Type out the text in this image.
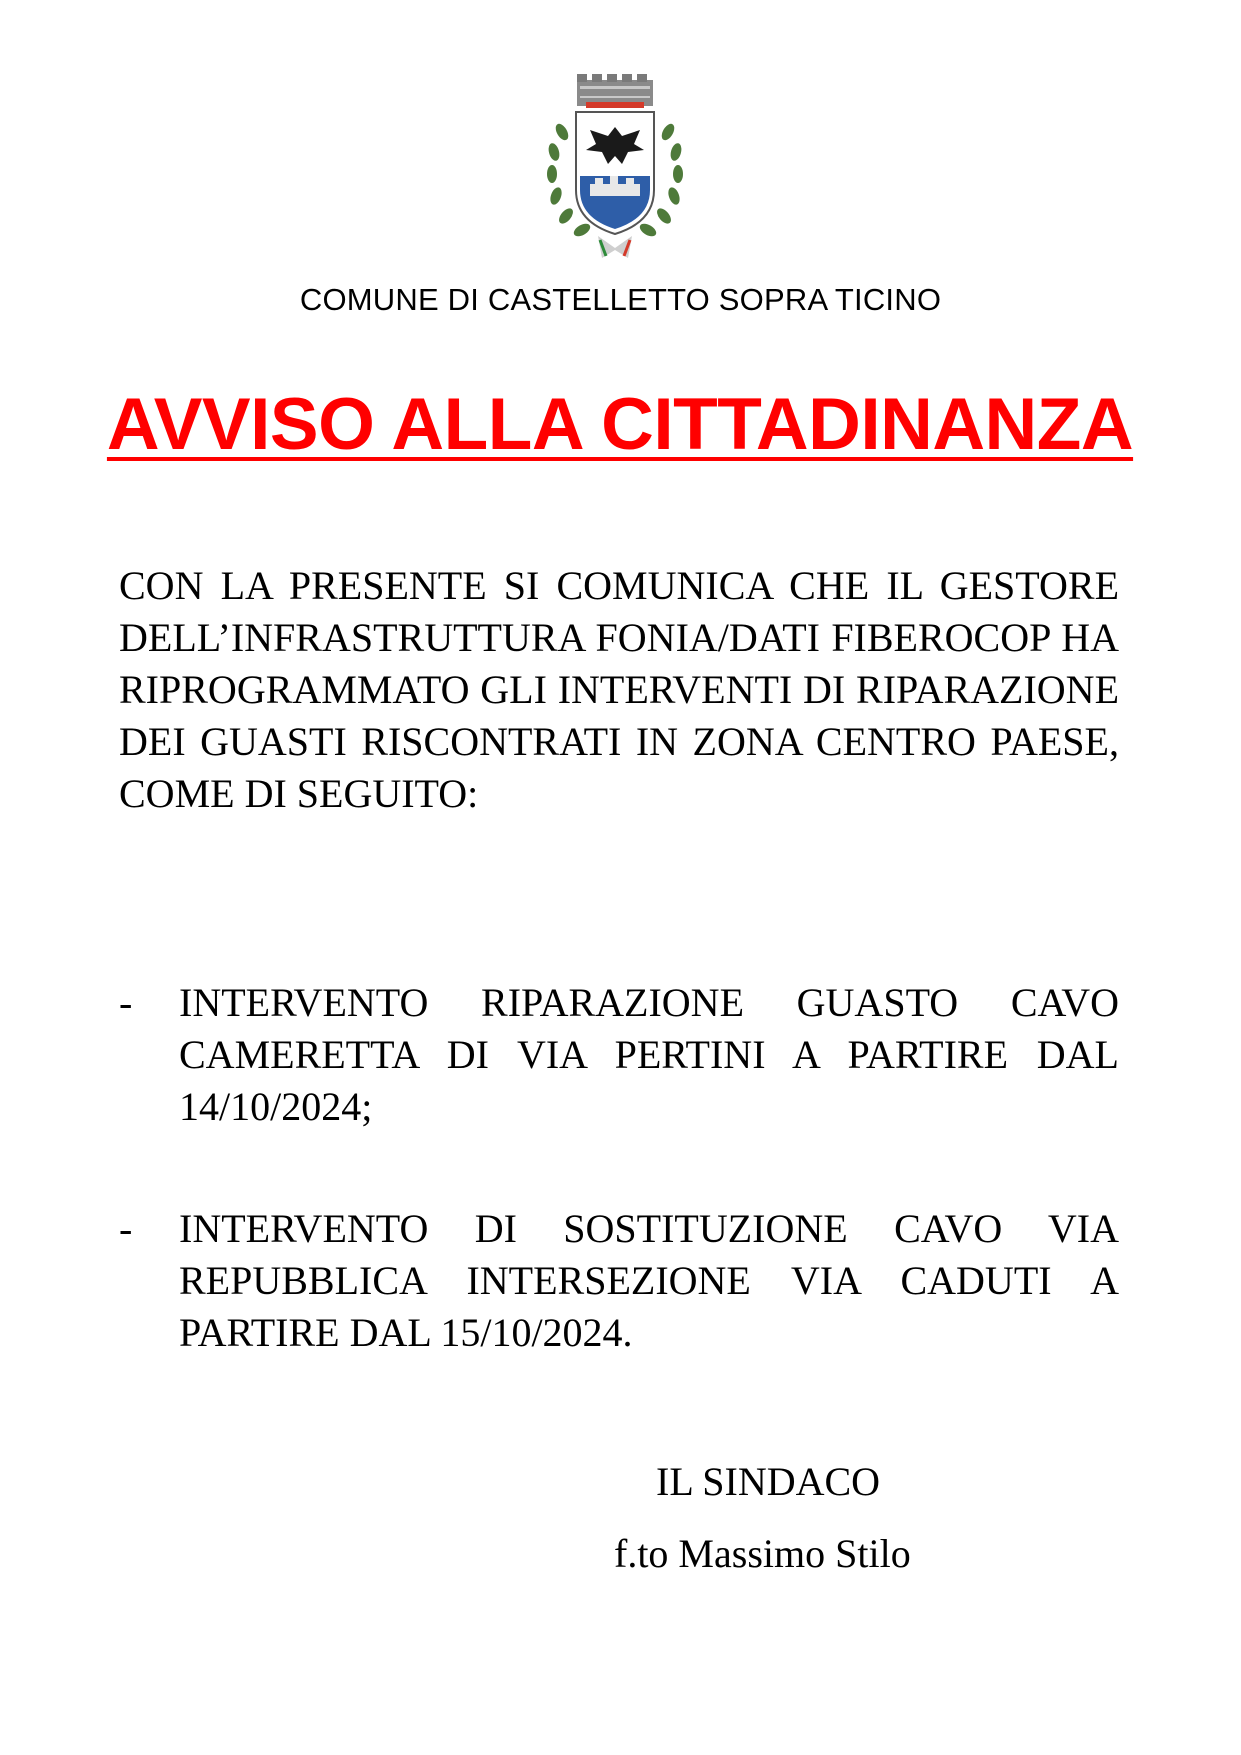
COMUNE DI CASTELLETTO SOPRA TICINO
AVVISO ALLA CITTADINANZA

CON LA PRESENTE SI COMUNICA CHE IL GESTORE DELL’INFRASTRUTTURA FONIA/DATI FIBEROCOP HA RIPROGRAMMATO GLI INTERVENTI DI RIPARAZIONE DEI GUASTI RISCONTRATI IN ZONA CENTRO PAESE, COME DI SEGUITO:

- INTERVENTO RIPARAZIONE GUASTO CAVO CAMERETTA DI VIA PERTINI A PARTIRE DAL 14/10/2024;

- INTERVENTO DI SOSTITUZIONE CAVO VIA REPUBBLICA INTERSEZIONE VIA CADUTI A PARTIRE DAL 15/10/2024.

IL SINDACO
f.to Massimo Stilo
